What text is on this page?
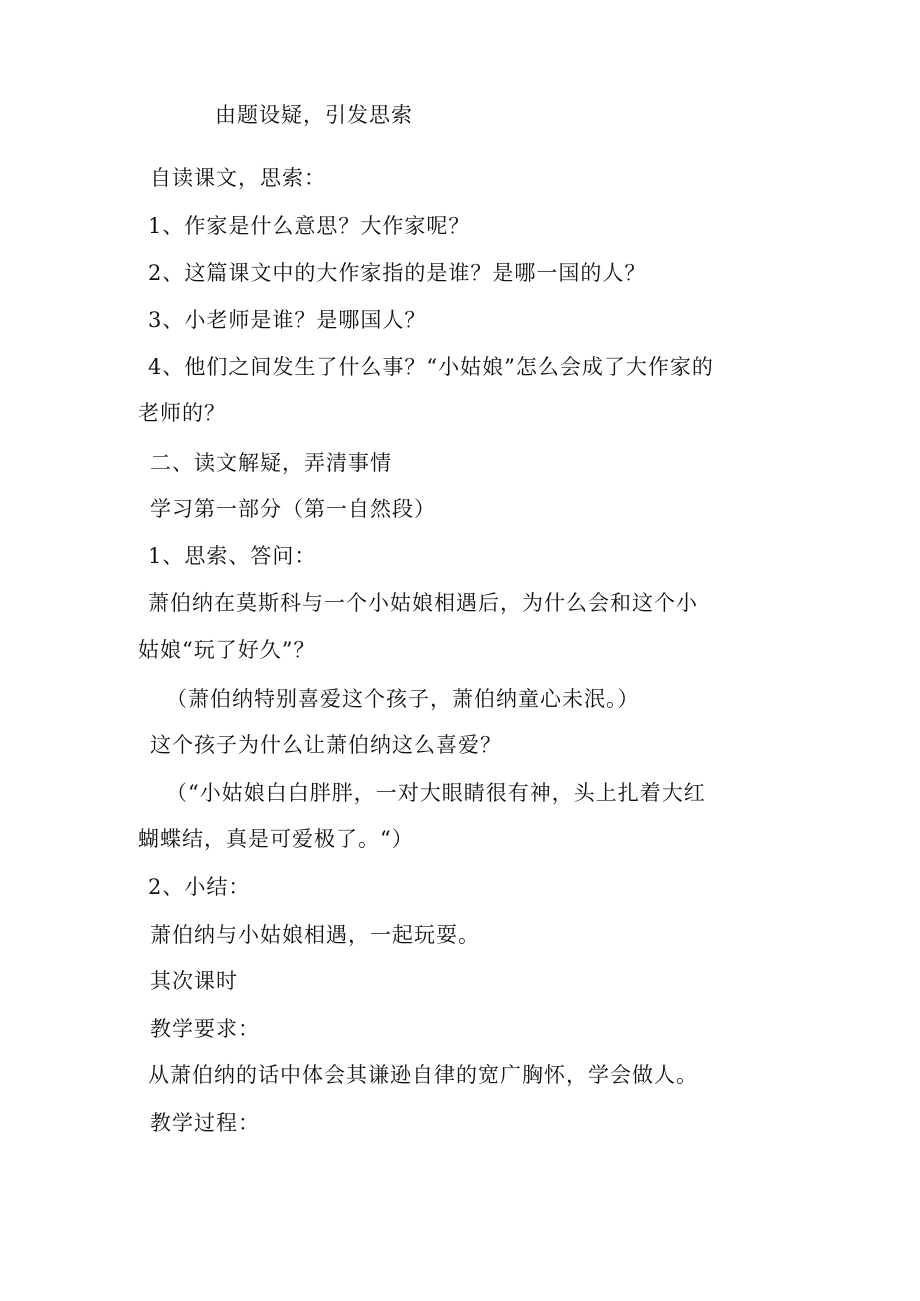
由题设疑，引发思索
自读课文，思索：
1、作家是什么意思？大作家呢？
2、这篇课文中的大作家指的是谁？是哪一国的人？
3、小老师是谁？是哪国人？
4、他们之间发生了什么事？“小姑娘”怎么会成了大作家的
老师的？
二、读文解疑，弄清事情
学习第一部分（第一自然段）
1、思索、答问：
萧伯纳在莫斯科与一个小姑娘相遇后，为什么会和这个小
姑娘“玩了好久”？
（萧伯纳特别喜爱这个孩子，萧伯纳童心未泯。）
这个孩子为什么让萧伯纳这么喜爱？
（“小姑娘白白胖胖，一对大眼睛很有神，头上扎着大红
蝴蝶结，真是可爱极了。“）
2、小结：
萧伯纳与小姑娘相遇，一起玩耍。
其次课时
教学要求：
从萧伯纳的话中体会其谦逊自律的宽广胸怀，学会做人。
教学过程：
